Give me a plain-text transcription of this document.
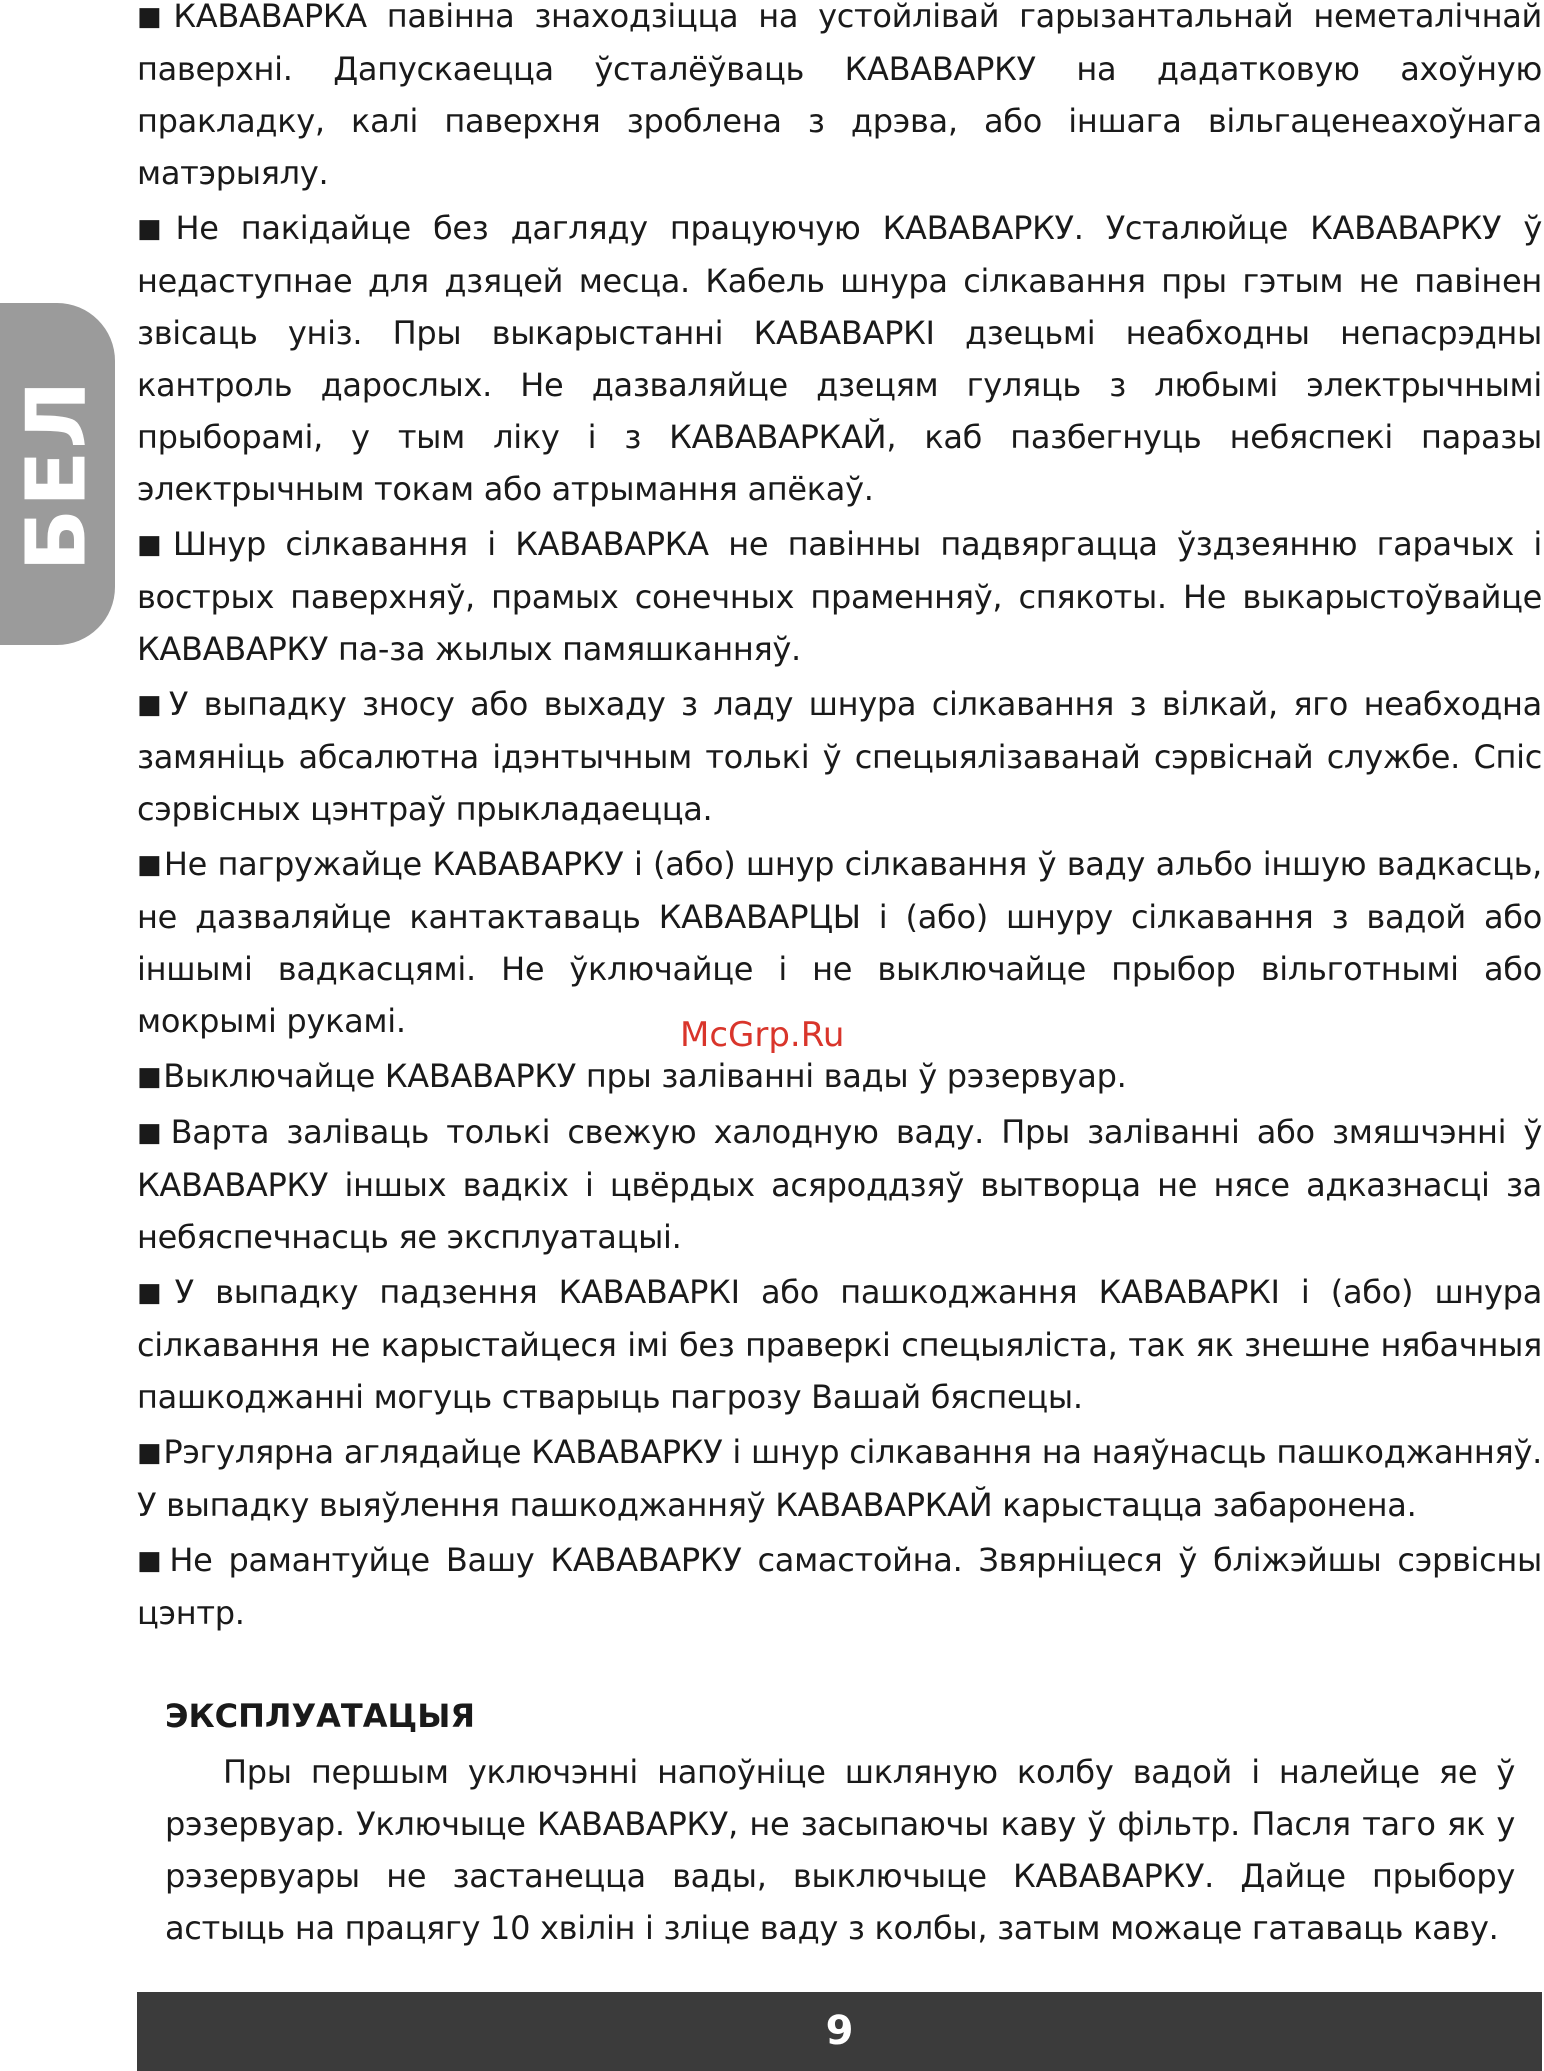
БЕЛ

■КАВАВАРКА павінна знаходзіцца на устойлівай гарызантальнай неметалічнай паверхні. Дапускаецца ўсталёўваць КАВАВАРКУ на дадатковую ахоўную пракладку, калі паверхня зроблена з дрэва, або іншага вільгаценеахоўнага матэрыялу.

■Не пакідайце без дагляду працуючую КАВАВАРКУ. Усталюйце КАВАВАРКУ ў недаступнае для дзяцей месца. Кабель шнура сілкавання пры гэтым не павінен звісаць уніз. Пры выкарыстанні КАВАВАРКІ дзецьмі неабходны непасрэдны кантроль дарослых. Не дазваляйце дзецям гуляць з любымі электрычнымі прыборамі, у тым ліку і з КАВАВАРКАЙ, каб пазбегнуць небяспекі паразы электрычным токам або атрымання апёкаў.

■Шнур сілкавання і КАВАВАРКА не павінны падвяргацца ўздзеянню гарачых і вострых паверхняў, прамых сонечных праменняў, спякоты. Не выкарыстоўвайце КАВАВАРКУ па-за жылых памяшканняў.

■У выпадку зносу або выхаду з ладу шнура сілкавання з вілкай, яго неабходна замяніць абсалютна ідэнтычным толькі ў спецыялізаванай сэрвіснай службе. Спіс сэрвісных цэнтраў прыкладаецца.

■Не пагружайце КАВАВАРКУ і (або) шнур сілкавання ў ваду альбо іншую вадкасць, не дазваляйце кантактаваць КАВАВАРЦЫ і (або) шнуру сілкавання з вадой або іншымі вадкасцямі. Не ўключайце і не выключайце прыбор вільготнымі або мокрымі рукамі.

■Выключайце КАВАВАРКУ пры заліванні вады ў рэзервуар.

■Варта заліваць толькі свежую халодную ваду. Пры заліванні або змяшчэнні ў КАВАВАРКУ іншых вадкіх і цвёрдых асяроддзяў вытворца не нясе адказнасці за небяспечнасць яе эксплуатацыі.

■У выпадку падзення КАВАВАРКІ або пашкоджання КАВАВАРКІ і (або) шнура сілкавання не карыстайцеся імі без праверкі спецыяліста, так як знешне нябачныя пашкоджанні могуць стварыць пагрозу Вашай бяспецы.

■Рэгулярна аглядайце КАВАВАРКУ і шнур сілкавання на наяўнасць пашкоджанняў. У выпадку выяўлення пашкоджанняў КАВАВАРКАЙ карыстацца забаронена.

■Не рамантуйце Вашу КАВАВАРКУ самастойна. Звярніцеся ў бліжэйшы сэрвісны цэнтр.

McGrp.Ru
ЭКСПЛУАТАЦЫЯ

Пры першым уключэнні напоўніце шкляную колбу вадой і налейце яе ў рэзервуар. Уключыце КАВАВАРКУ, не засыпаючы каву ў фільтр. Пасля таго як у рэзервуары не застанецца вады, выключыце КАВАВАРКУ. Дайце прыбору астыць на працягу 10 хвілін і зліце ваду з колбы, затым можаце гатаваць каву.

9
